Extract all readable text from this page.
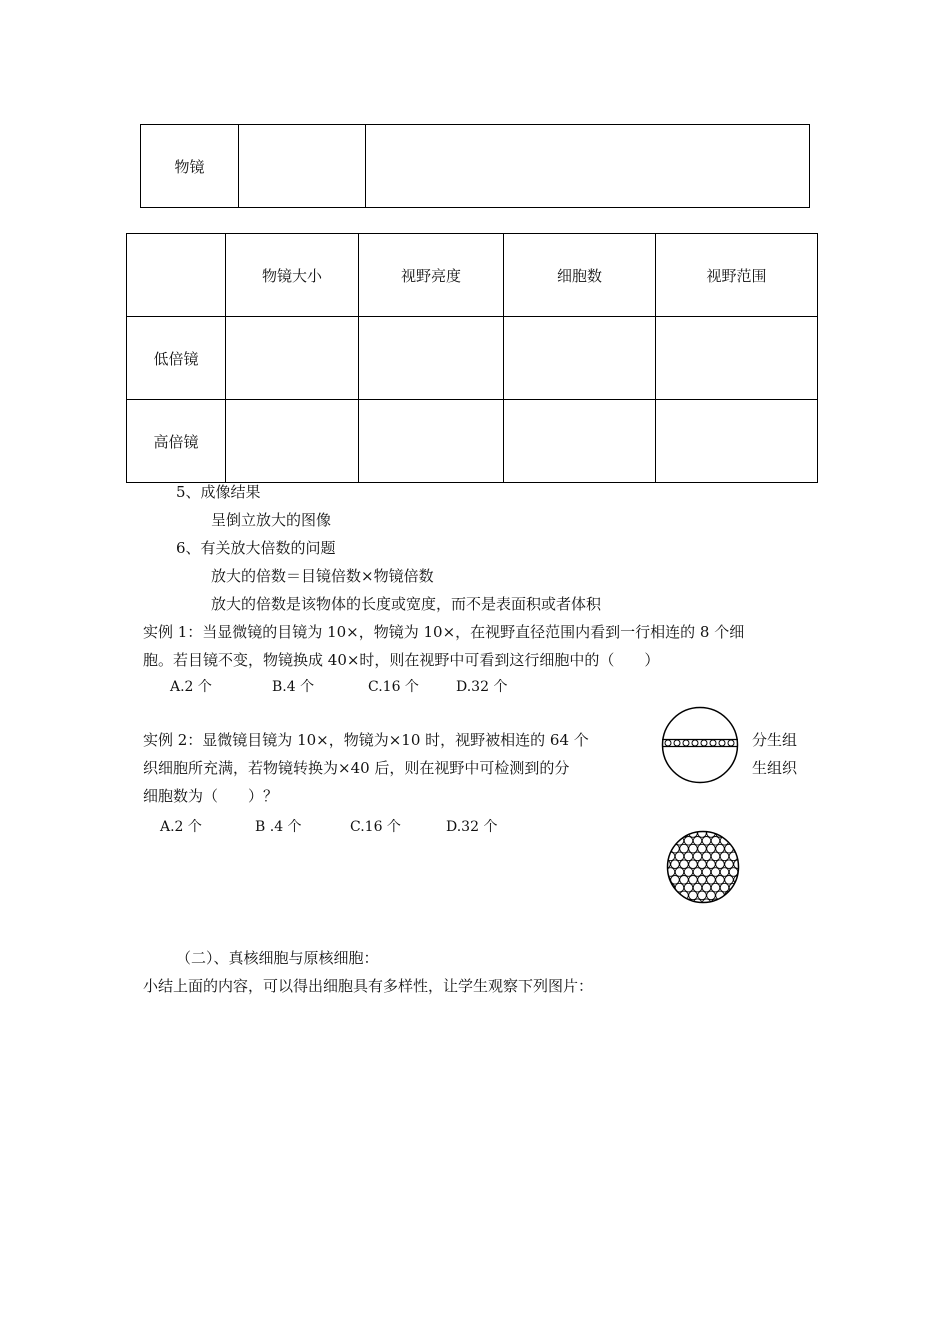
物镜		
	物镜大小	视野亮度	细胞数	视野范围
低倍镜				
高倍镜				
5、成像结果
呈倒立放大的图像
6、有关放大倍数的问题
放大的倍数＝目镜倍数×物镜倍数
放大的倍数是该物体的长度或宽度，而不是表面积或者体积
实例 1：当显微镜的目镜为 10×，物镜为 10×，在视野直径范围内看到一行相连的 8 个细
胞。若目镜不变，物镜换成 40×时，则在视野中可看到这行细胞中的（　　）
A.2 个	B.4 个	C.16 个	D.32 个
实例 2：显微镜目镜为 10×，物镜为×10 时，视野被相连的 64 个	分生组
织细胞所充满，若物镜转换为×40 后，则在视野中可检测到的分	生组织
细胞数为（　　）？
A.2 个	B .4 个	C.16 个	D.32 个
（二）、真核细胞与原核细胞：
小结上面的内容，可以得出细胞具有多样性，让学生观察下列图片：
